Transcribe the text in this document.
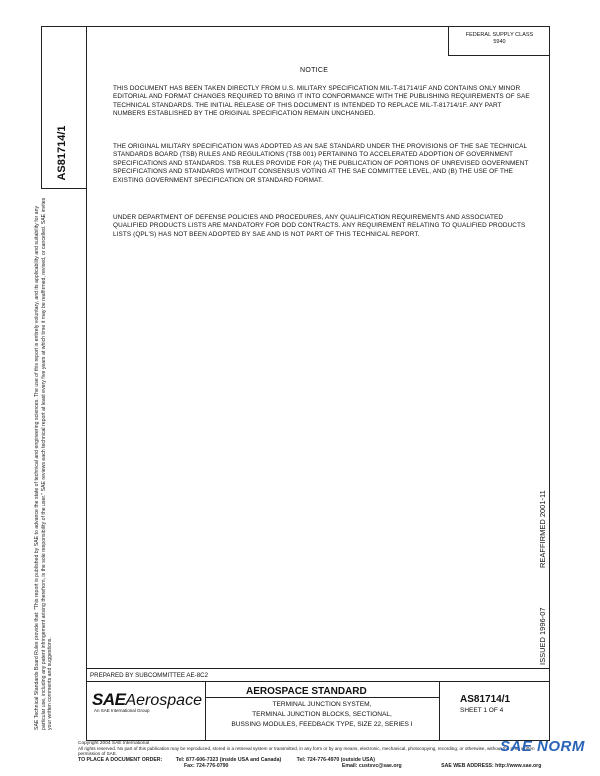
FEDERAL SUPPLY CLASS
5940
AS81714/1
SAE Technical Standards Board Rules provide that: "This report is published by SAE to advance the state of technical and engineering sciences. The use of this report is entirely voluntary, and its applicability and suitability for any particular use, including any patent infringement arising therefrom, is the sole responsibility of the user." SAE reviews each technical report at least every five years at which time it may be reaffirmed, revised, or cancelled. SAE invites your written comments and suggestions.
REAFFIRMED 2001-11
ISSUED 1996-07
NOTICE
THIS DOCUMENT HAS BEEN TAKEN DIRECTLY FROM U.S. MILITARY SPECIFICATION MIL-T-81714/1F AND CONTAINS ONLY MINOR EDITORIAL AND FORMAT CHANGES REQUIRED TO BRING IT INTO CONFORMANCE WITH THE PUBLISHING REQUIREMENTS OF SAE TECHNICAL STANDARDS. THE INITIAL RELEASE OF THIS DOCUMENT IS INTENDED TO REPLACE MIL-T-81714/1F. ANY PART NUMBERS ESTABLISHED BY THE ORIGINAL SPECIFICATION REMAIN UNCHANGED.
THE ORIGINAL MILITARY SPECIFICATION WAS ADOPTED AS AN SAE STANDARD UNDER THE PROVISIONS OF THE SAE TECHNICAL STANDARDS BOARD (TSB) RULES AND REGULATIONS (TSB 001) PERTAINING TO ACCELERATED ADOPTION OF GOVERNMENT SPECIFICATIONS AND STANDARDS. TSB RULES PROVIDE FOR (A) THE PUBLICATION OF PORTIONS OF UNREVISED GOVERNMENT SPECIFICATIONS AND STANDARDS WITHOUT CONSENSUS VOTING AT THE SAE COMMITTEE LEVEL, AND (B) THE USE OF THE EXISTING GOVERNMENT SPECIFICATION OR STANDARD FORMAT.
UNDER DEPARTMENT OF DEFENSE POLICIES AND PROCEDURES, ANY QUALIFICATION REQUIREMENTS AND ASSOCIATED QUALIFIED PRODUCTS LISTS ARE MANDATORY FOR DOD CONTRACTS. ANY REQUIREMENT RELATING TO QUALIFIED PRODUCTS LISTS (QPL'S) HAS NOT BEEN ADOPTED BY SAE AND IS NOT PART OF THIS TECHNICAL REPORT.
PREPARED BY SUBCOMMITTEE AE-8C2
SAEAerospace
An SAE International Group
AEROSPACE STANDARD
TERMINAL JUNCTION SYSTEM,
TERMINAL JUNCTION BLOCKS, SECTIONAL,
BUSSING MODULES, FEEDBACK TYPE, SIZE 22, SERIES I
AS81714/1
SHEET 1 OF 4
Copyright 2004 SAE International
All rights reserved. No part of this publication may be reproduced, stored in a retrieval system or transmitted, in any form or by any means, electronic, mechanical, photocopying, recording, or otherwise, without the prior written permission of SAE.
TO PLACE A DOCUMENT ORDER:	Tel: 877-606-7323 (inside USA and Canada)	Tel: 724-776-4970 (outside USA)
Fax: 724-776-0790	Email: custsvc@sae.org	SAE WEB ADDRESS: http://www.sae.org
SAE NORM
